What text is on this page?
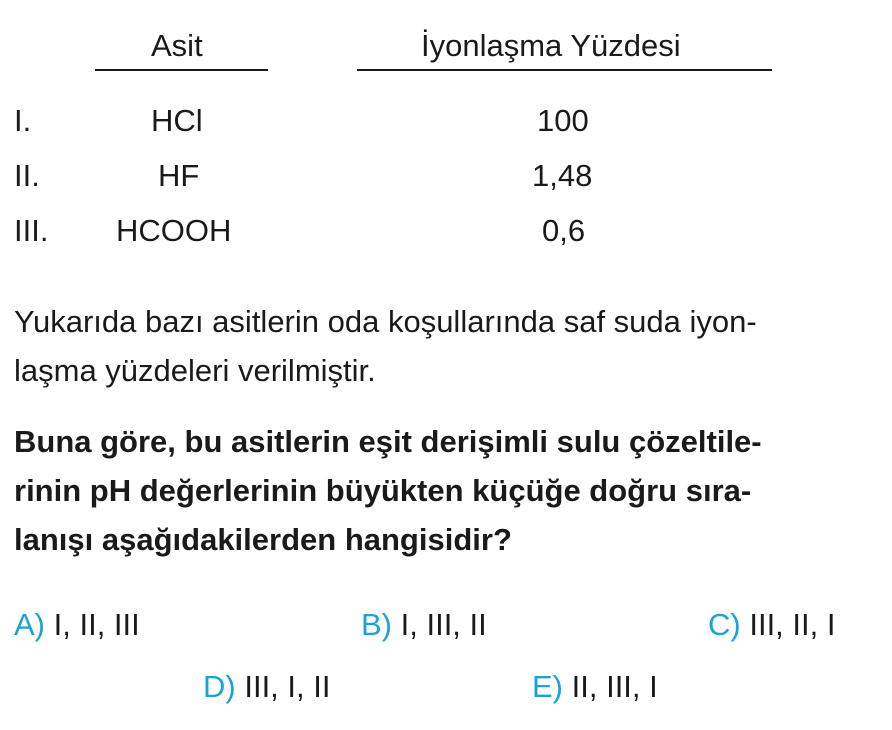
Asit	İyonlaşma Yüzdesi
I.	HCl	100
II.	HF	1,48
III. HCOOH	0,6
Yukarıda bazı asitlerin oda koşullarında saf suda iyon-
laşma yüzdeleri verilmiştir.
Buna göre, bu asitlerin eşit derişimli sulu çözeltile-
rinin pH değerlerinin büyükten küçüğe doğru sıra-
lanışı aşağıdakilerden hangisidir?
A) I, II, III	B) I, III, II	C) III, II, I
D) III, I, II	E) II, III, I
